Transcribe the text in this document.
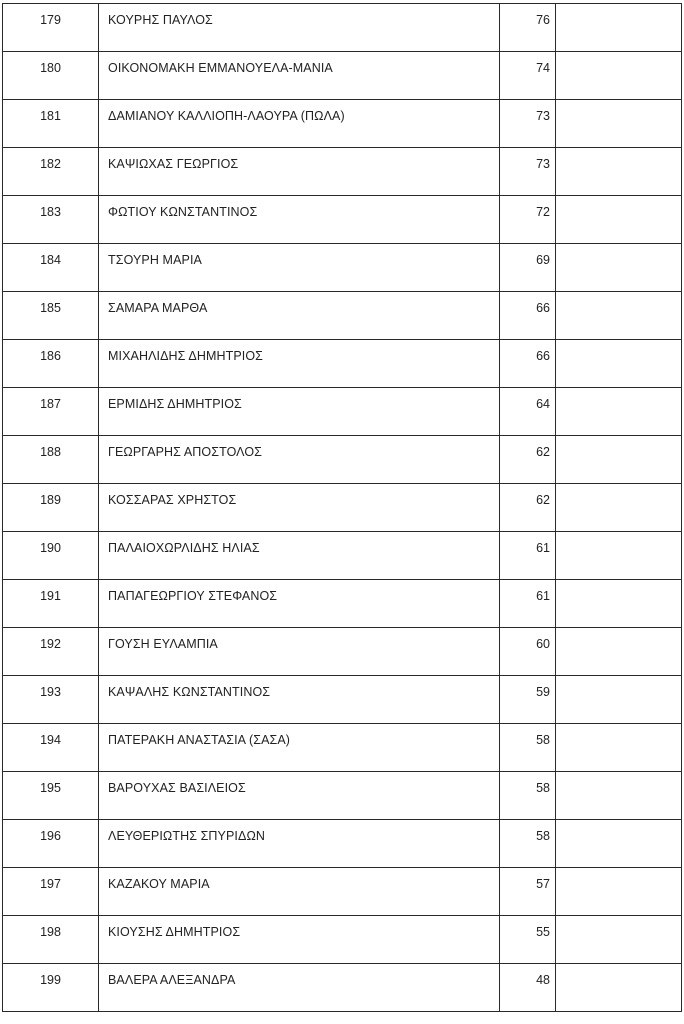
179	ΚΟΥΡΗΣ ΠΑΥΛΟΣ	76	

180	ΟΙΚΟΝΟΜΑΚΗ ΕΜΜΑΝΟΥΕΛΑ-ΜΑΝΙΑ	74	

181	ΔΑΜΙΑΝΟΥ ΚΑΛΛΙΟΠΗ-ΛΑΟΥΡΑ (ΠΩΛΑ)	73	

182	ΚΑΨΙΩΧΑΣ ΓΕΩΡΓΙΟΣ	73	

183	ΦΩΤΙΟΥ ΚΩΝΣΤΑΝΤΙΝΟΣ	72	

184	ΤΣΟΥΡΗ ΜΑΡΙΑ	69	

185	ΣΑΜΑΡΑ ΜΑΡΘΑ	66	

186	ΜΙΧΑΗΛΙΔΗΣ ΔΗΜΗΤΡΙΟΣ	66	

187	ΕΡΜΙΔΗΣ ΔΗΜΗΤΡΙΟΣ	64	

188	ΓΕΩΡΓΑΡΗΣ ΑΠΟΣΤΟΛΟΣ	62	

189	ΚΟΣΣΑΡΑΣ ΧΡΗΣΤΟΣ	62	

190	ΠΑΛΑΙΟΧΩΡΛΙΔΗΣ ΗΛΙΑΣ	61	

191	ΠΑΠΑΓΕΩΡΓΙΟΥ ΣΤΕΦΑΝΟΣ	61	

192	ΓΟΥΣΗ ΕΥΛΑΜΠΙΑ	60	

193	ΚΑΨΑΛΗΣ ΚΩΝΣΤΑΝΤΙΝΟΣ	59	

194	ΠΑΤΕΡΑΚΗ ΑΝΑΣΤΑΣΙΑ (ΣΑΣΑ)	58	

195	ΒΑΡΟΥΧΑΣ ΒΑΣΙΛΕΙΟΣ	58	

196	ΛΕΥΘΕΡΙΩΤΗΣ ΣΠΥΡΙΔΩΝ	58	

197	ΚΑΖΑΚΟΥ ΜΑΡΙΑ	57	

198	ΚΙΟΥΣΗΣ ΔΗΜΗΤΡΙΟΣ	55	

199	ΒΑΛΕΡΑ ΑΛΕΞΑΝΔΡΑ	48	
